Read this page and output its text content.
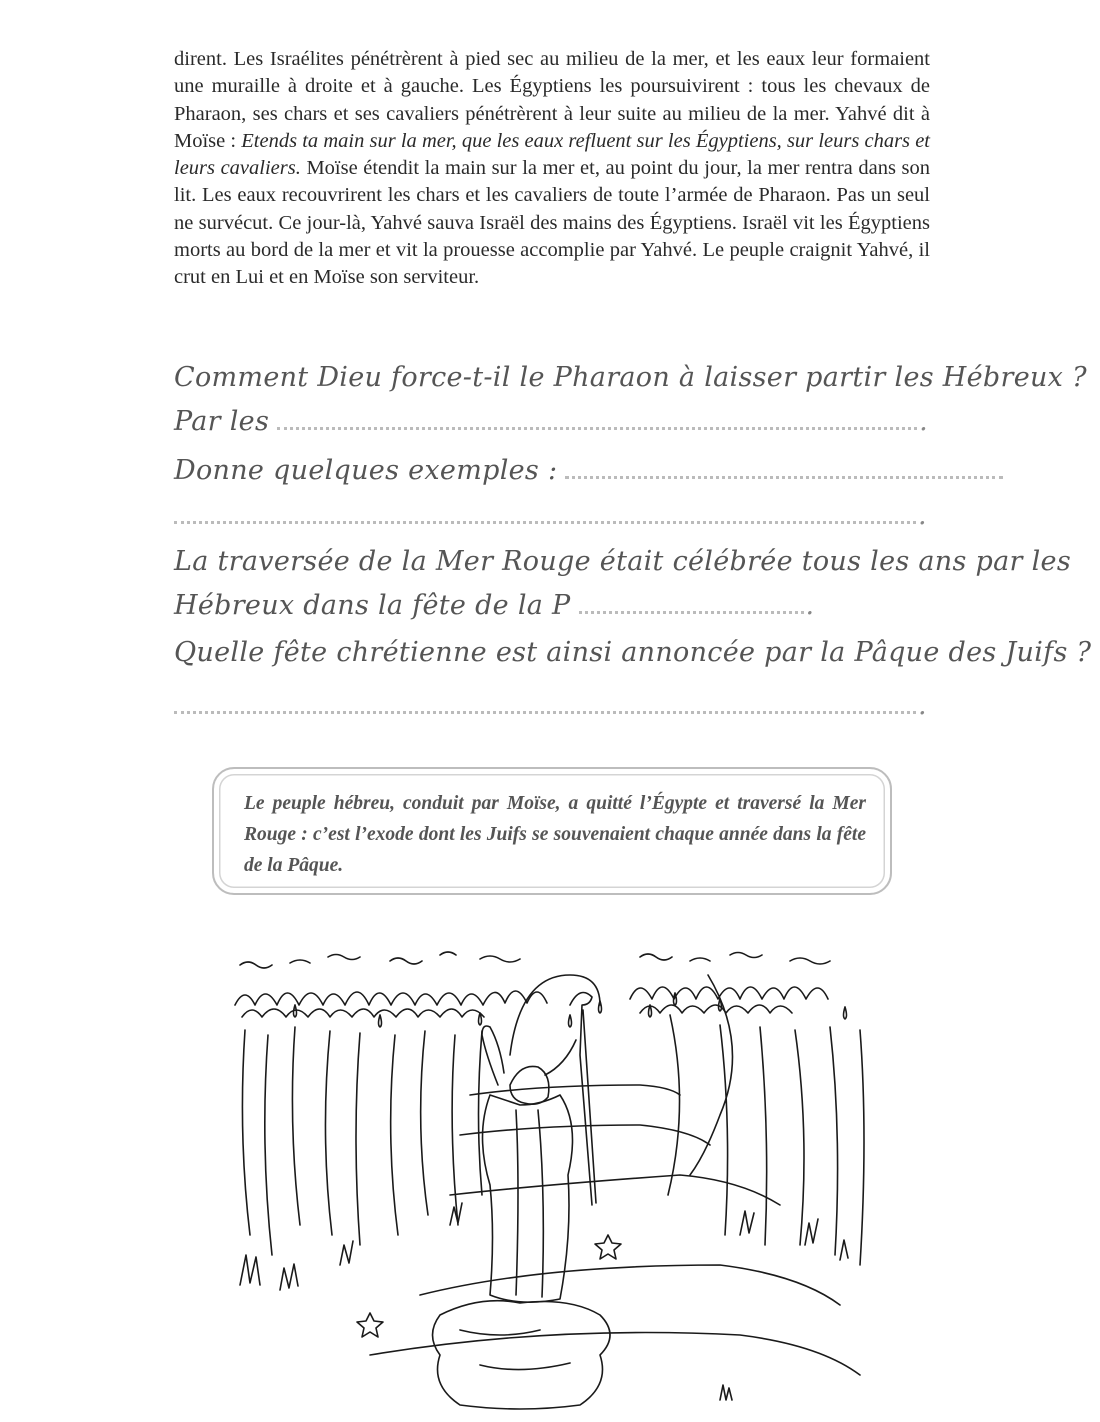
dirent. Les Israélites pénétrèrent à pied sec au milieu de la mer, et les eaux leur formaient une muraille à droite et à gauche. Les Égyptiens les poursuivirent : tous les chevaux de Pharaon, ses chars et ses cavaliers pénétrèrent à leur suite au milieu de la mer. Yahvé dit à Moïse : Etends ta main sur la mer, que les eaux refluent sur les Égyptiens, sur leurs chars et leurs cavaliers. Moïse étendit la main sur la mer et, au point du jour, la mer rentra dans son lit. Les eaux recouvrirent les chars et les cavaliers de toute l’armée de Pharaon. Pas un seul ne survécut. Ce jour-là, Yahvé sauva Israël des mains des Égyptiens. Israël vit les Égyptiens morts au bord de la mer et vit la prouesse accomplie par Yahvé. Le peuple craignit Yahvé, il crut en Lui et en Moïse son serviteur.

Comment Dieu force-t-il le Pharaon à laisser partir les Hébreux ?
Par les	.
Donne quelques exemples :
.
La traversée de la Mer Rouge était célébrée tous les ans par les
Hébreux dans la fête de la P	.
Quelle fête chrétienne est ainsi annoncée par la Pâque des Juifs ?
.

Le peuple hébreu, conduit par Moïse, a quitté l’Égypte et traversé la Mer Rouge : c’est l’exode dont les Juifs se souvenaient chaque année dans la fête de la Pâque.
